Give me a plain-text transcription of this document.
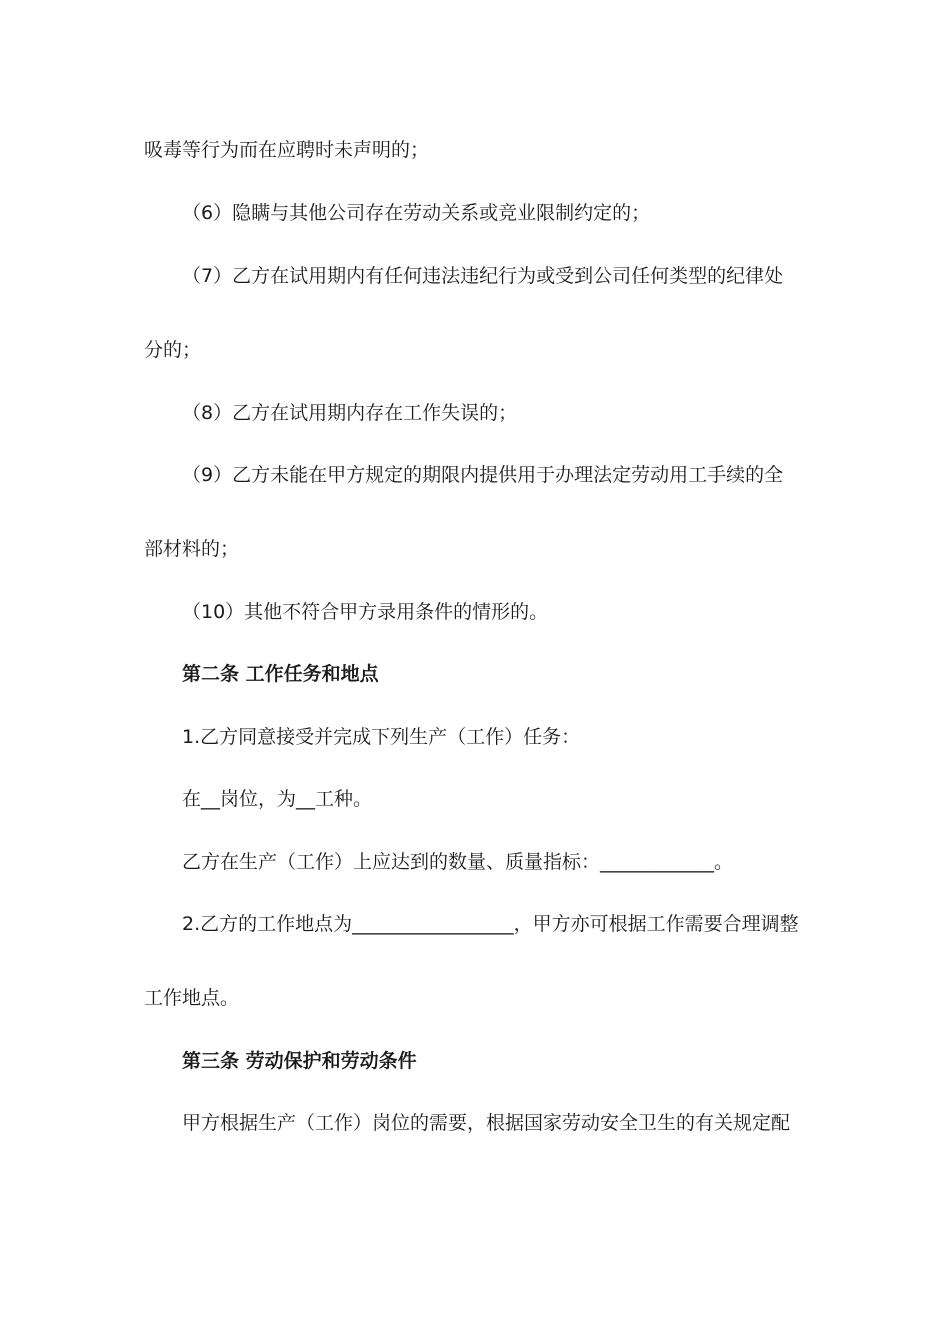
吸毒等行为而在应聘时未声明的；
（6）隐瞒与其他公司存在劳动关系或竞业限制约定的；
（7）乙方在试用期内有任何违法违纪行为或受到公司任何类型的纪律处
分的；
（8）乙方在试用期内存在工作失误的；
（9）乙方未能在甲方规定的期限内提供用于办理法定劳动用工手续的全
部材料的；
（10）其他不符合甲方录用条件的情形的。
第二条 工作任务和地点
1.乙方同意接受并完成下列生产（工作）任务：
在__岗位，为__工种。
乙方在生产（工作）上应达到的数量、质量指标：____________。
2.乙方的工作地点为_________________，甲方亦可根据工作需要合理调整
工作地点。
第三条 劳动保护和劳动条件
甲方根据生产（工作）岗位的需要，根据国家劳动安全卫生的有关规定配
